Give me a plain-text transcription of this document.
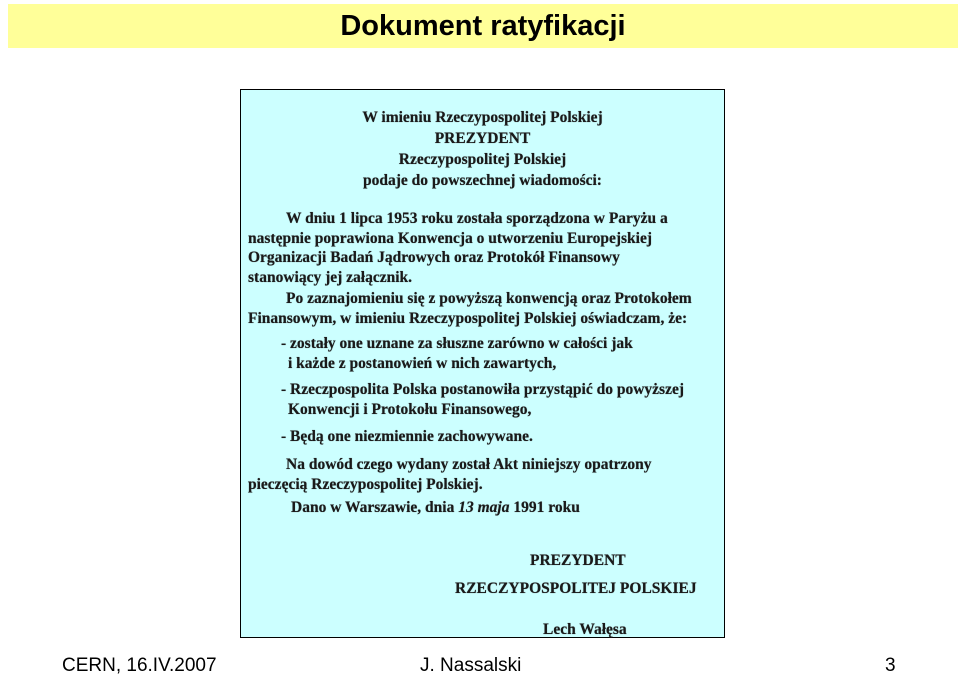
Dokument ratyfikacji
W imieniu Rzeczypospolitej Polskiej
PREZYDENT
Rzeczypospolitej Polskiej
podaje do powszechnej wiadomości:
W dniu 1 lipca 1953 roku została sporządzona w Paryżu a
następnie poprawiona Konwencja o utworzeniu Europejskiej
Organizacji Badań Jądrowych oraz Protokół Finansowy
stanowiący jej załącznik.
Po zaznajomieniu się z powyższą konwencją oraz Protokołem
Finansowym, w imieniu Rzeczypospolitej Polskiej oświadczam, że:
- zostały one uznane za słuszne zarówno w całości jak
i każde z postanowień w nich zawartych,
- Rzeczpospolita Polska postanowiła przystąpić do powyższej
Konwencji i Protokołu Finansowego,
- Będą one niezmiennie zachowywane.
Na dowód czego wydany został Akt niniejszy opatrzony
pieczęcią Rzeczypospolitej Polskiej.
Dano w Warszawie, dnia 13 maja 1991 roku
PREZYDENT
RZECZYPOSPOLITEJ POLSKIEJ
Lech Wałęsa
CERN, 16.IV.2007	J. Nassalski	3
